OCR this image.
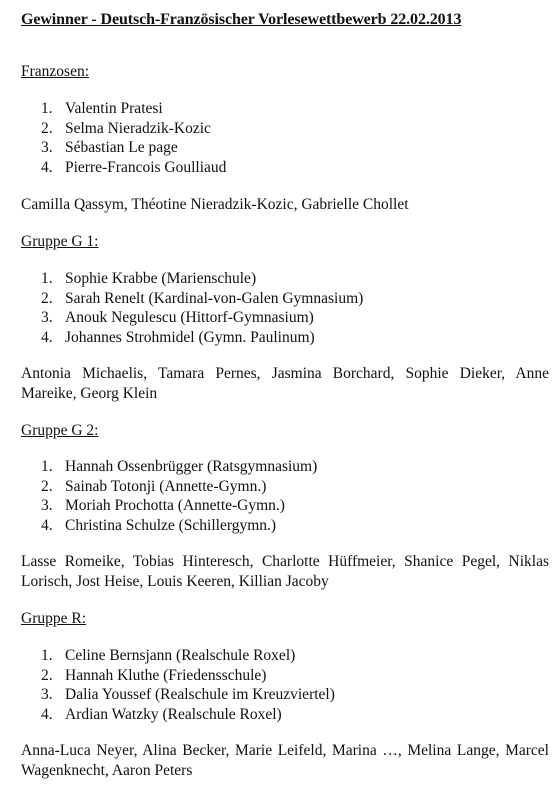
Gewinner - Deutsch-Französischer Vorlesewettbewerb 22.02.2013
Franzosen:
1. Valentin Pratesi
2. Selma Nieradzik-Kozic
3. Sébastian Le page
4. Pierre-Francois Goulliaud

Camilla Qassym, Théotine Nieradzik-Kozic, Gabrielle Chollet

Gruppe G 1:
1. Sophie Krabbe (Marienschule)
2. Sarah Renelt (Kardinal-von-Galen Gymnasium)
3. Anouk Negulescu (Hittorf-Gymnasium)
4. Johannes Strohmidel (Gymn. Paulinum)

Antonia Michaelis, Tamara Pernes, Jasmina Borchard, Sophie Dieker, Anne Mareike, Georg Klein

Gruppe G 2:
1. Hannah Ossenbrügger (Ratsgymnasium)
2. Sainab Totonji (Annette-Gymn.)
3. Moriah Prochotta (Annette-Gymn.)
4. Christina Schulze (Schillergymn.)

Lasse Romeike, Tobias Hinteresch, Charlotte Hüffmeier, Shanice Pegel, Niklas Lorisch, Jost Heise, Louis Keeren, Killian Jacoby

Gruppe R:
1. Celine Bernsjann (Realschule Roxel)
2. Hannah Kluthe (Friedensschule)
3. Dalia Youssef (Realschule im Kreuzviertel)
4. Ardian Watzky (Realschule Roxel)

Anna-Luca Neyer, Alina Becker, Marie Leifeld, Marina …, Melina Lange, Marcel Wagenknecht, Aaron Peters
